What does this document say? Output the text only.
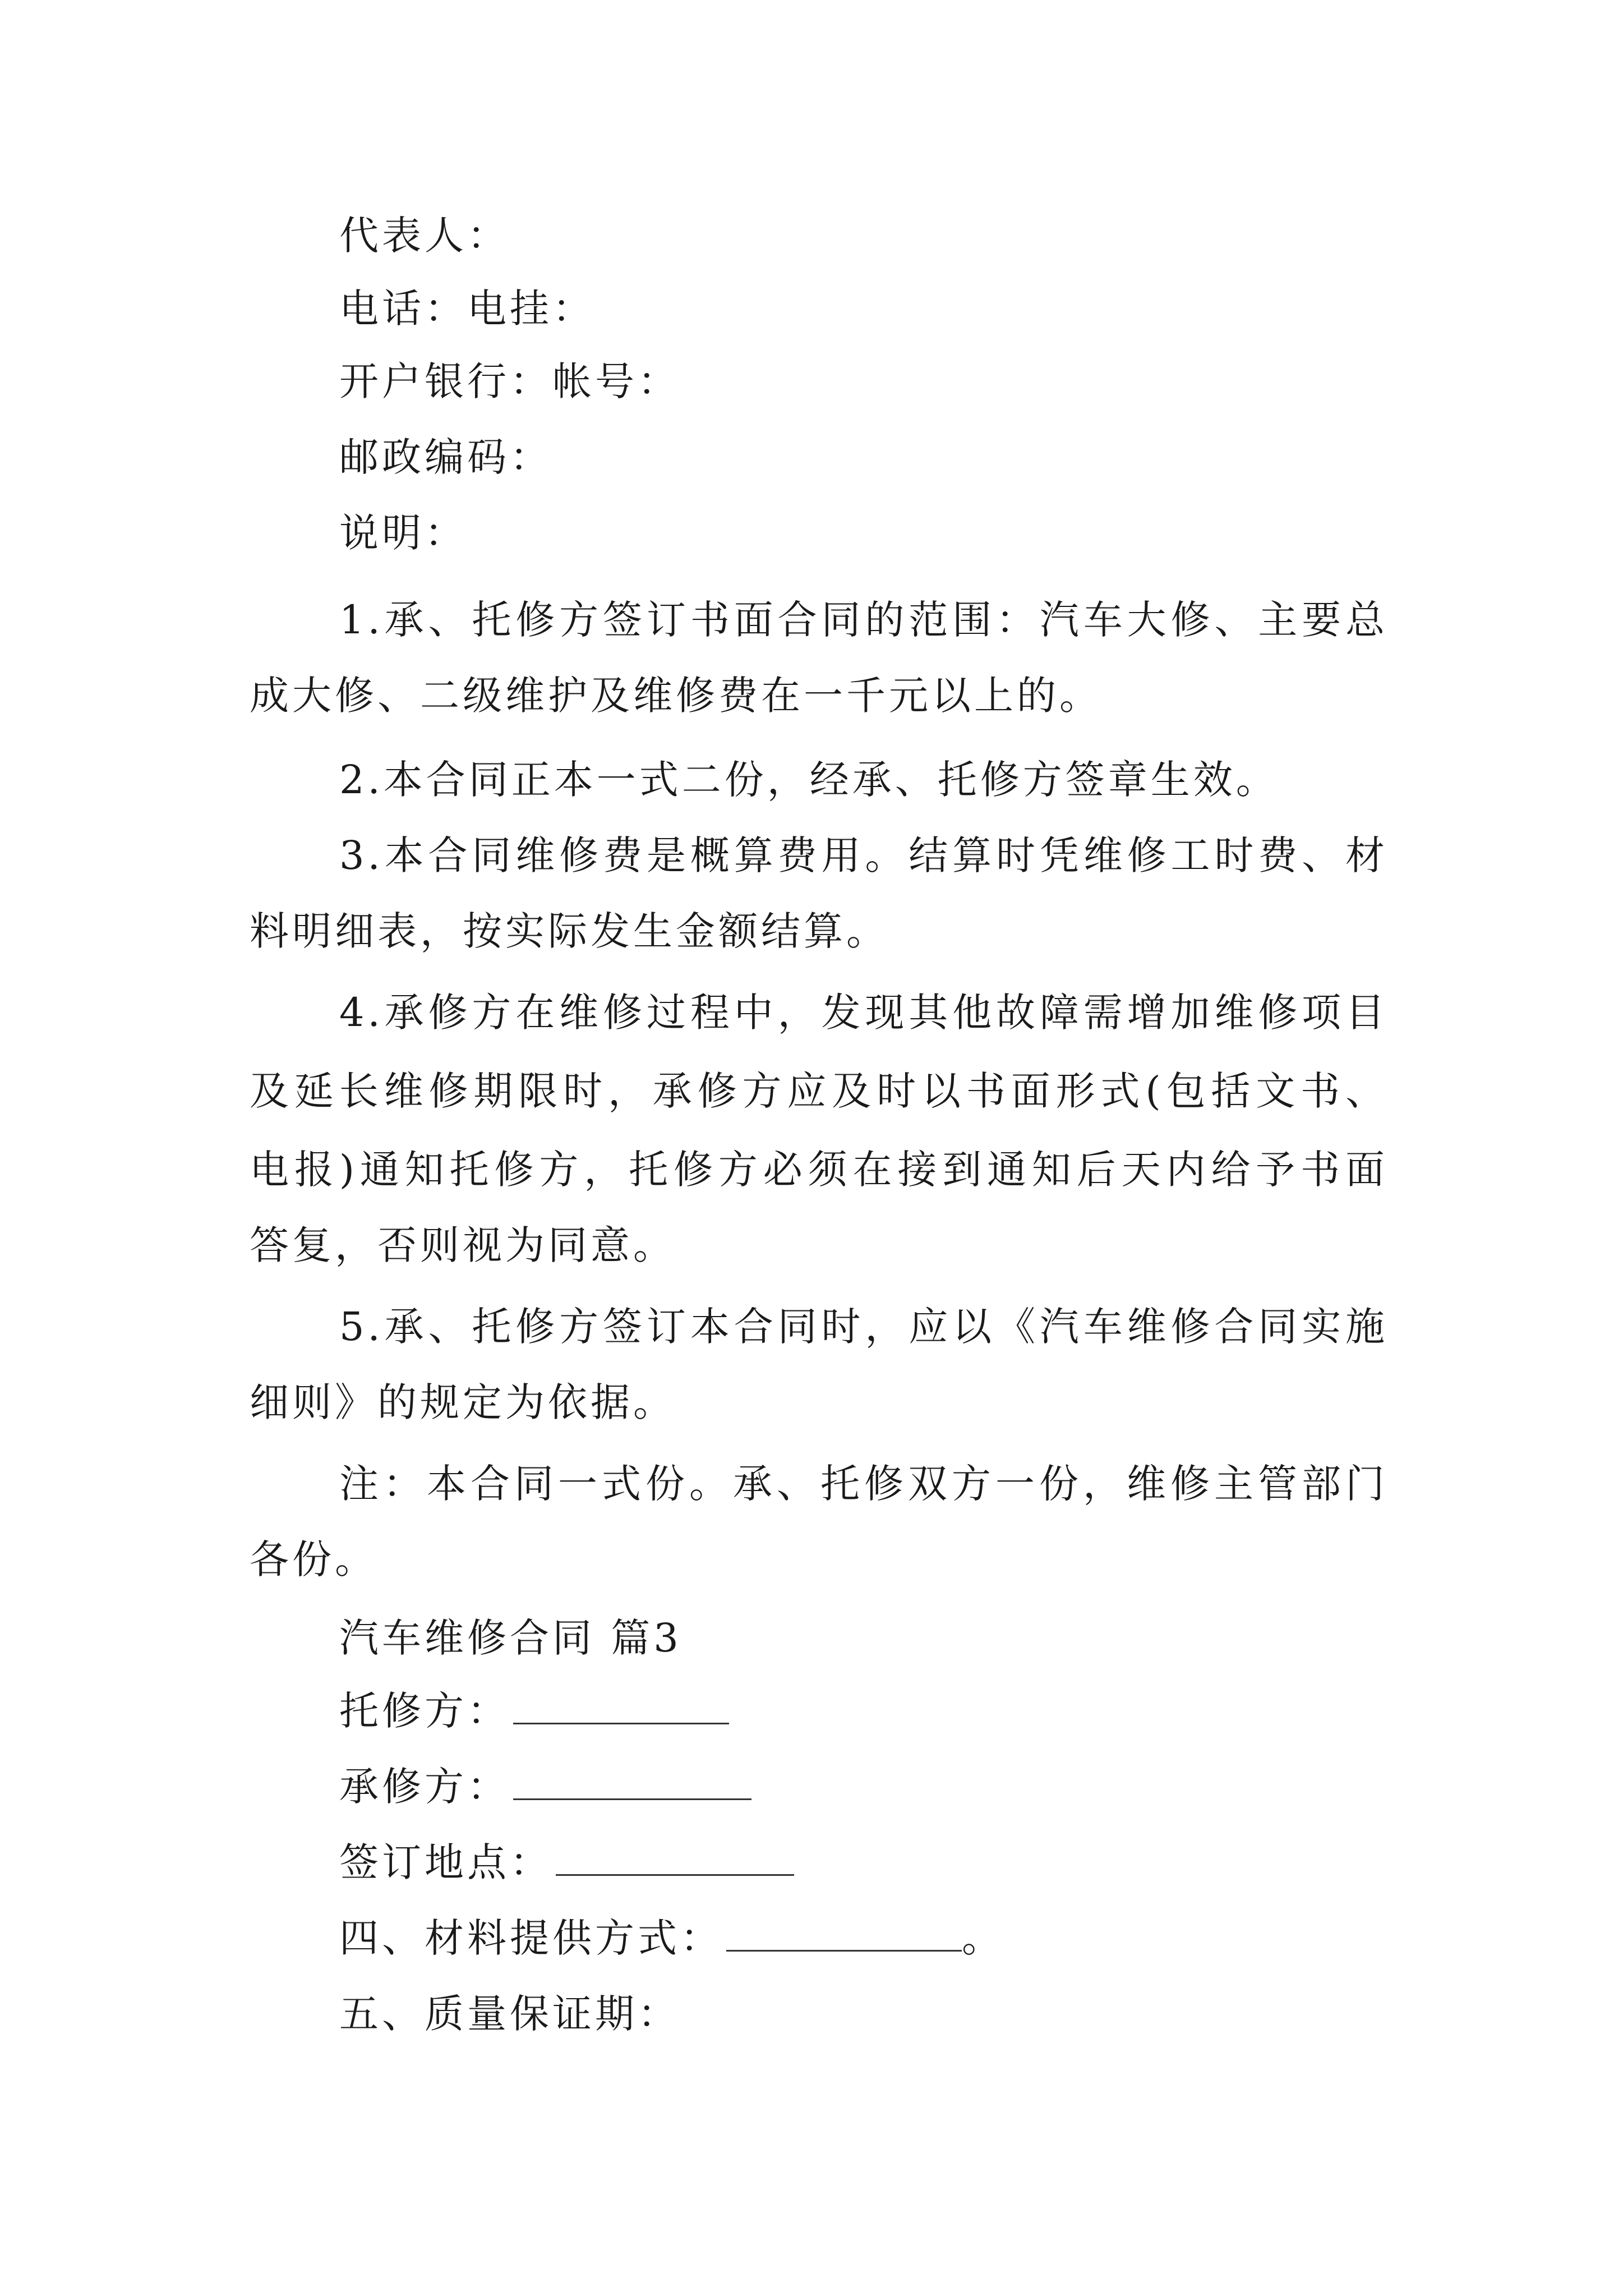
代表人：
电话：电挂：
开户银行：帐号：
邮政编码：
说明：
1.承、托修方签订书面合同的范围：汽车大修、主要总
成大修、二级维护及维修费在一千元以上的。
2.本合同正本一式二份，经承、托修方签章生效。
3.本合同维修费是概算费用。结算时凭维修工时费、材
料明细表，按实际发生金额结算。
4.承修方在维修过程中，发现其他故障需增加维修项目
及延长维修期限时，承修方应及时以书面形式(包括文书、
电报)通知托修方，托修方必须在接到通知后天内给予书面
答复，否则视为同意。
5.承、托修方签订本合同时，应以《汽车维修合同实施
细则》的规定为依据。
注：本合同一式份。承、托修双方一份，维修主管部门
各份。
汽车维修合同 篇3
托修方：
承修方：
签订地点：
四、材料提供方式：	。
五、质量保证期：
